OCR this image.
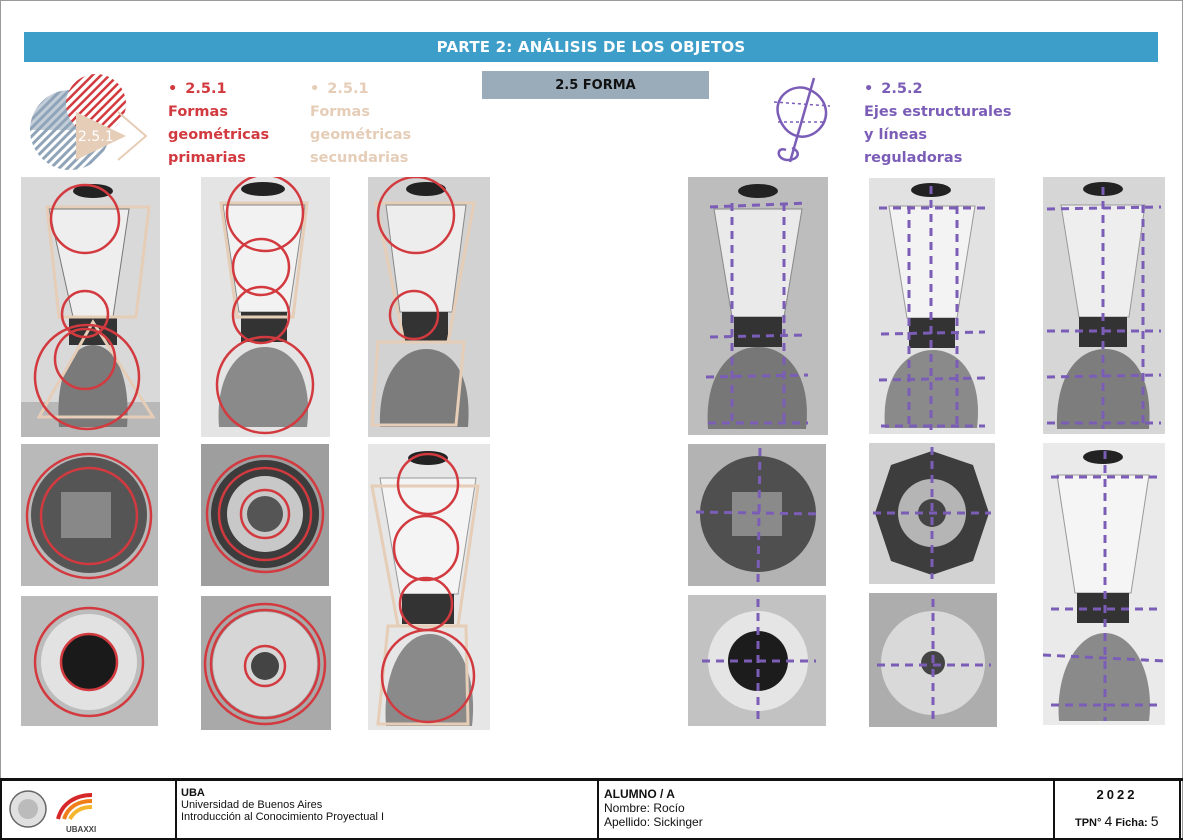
PARTE 2: ANÁLISIS DE LOS OBJETOS
2.5 FORMA
2.5.1
• 2.5.1
Formas
geométricas
primarias
• 2.5.1
Formas
geométricas
secundarias
• 2.5.2
Ejes estructurales
y líneas
reguladoras
UBAXXI
UBA
Universidad de Buenos Aires
Introducción al Conocimiento Proyectual I
ALUMNO / A
Nombre: Rocío
Apellido: Sickinger
2022
TPN° 4 Ficha: 5
